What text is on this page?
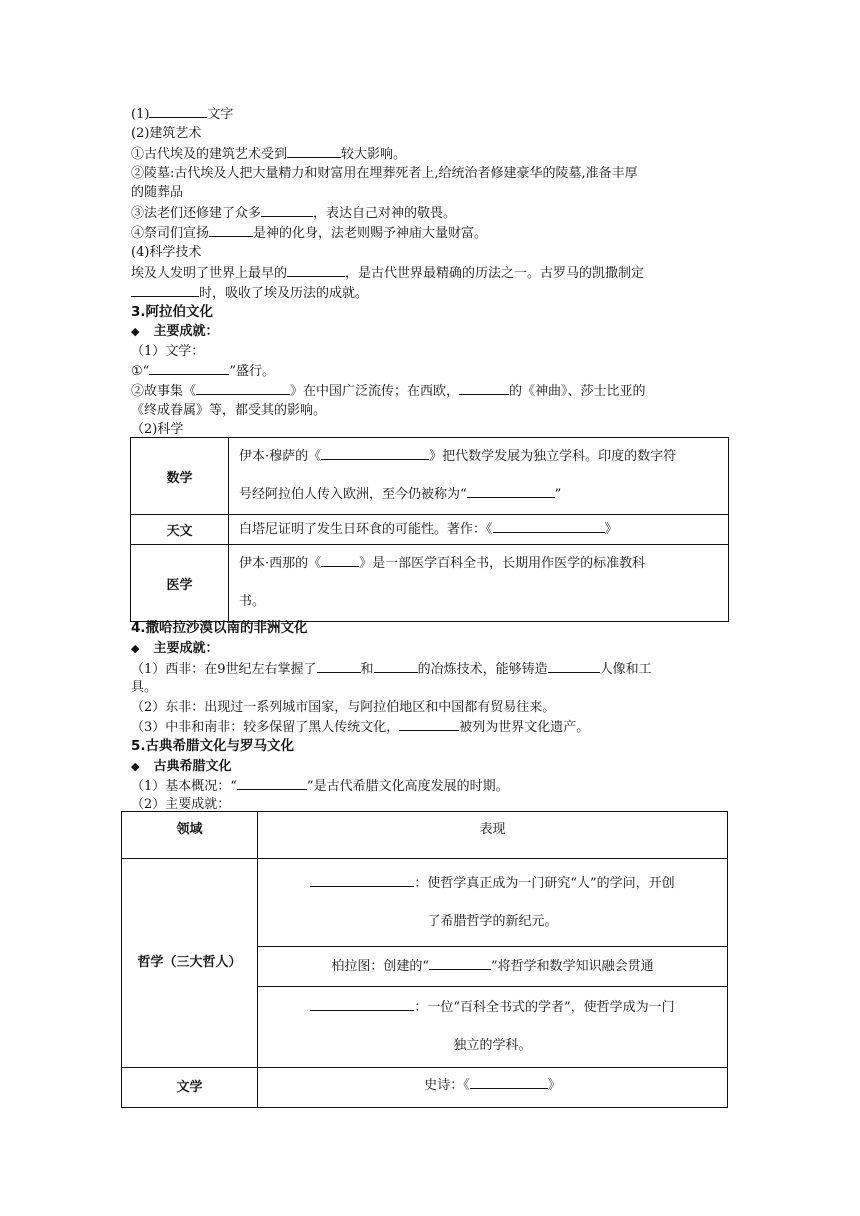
(1)	文字
(2)建筑艺术
①古代埃及的建筑艺术受到	较大影响。
②陵墓:古代埃及人把大量精力和财富用在埋葬死者上,给统治者修建豪华的陵墓,准备丰厚
的随葬品
③法老们还修建了众多	，表达自己对神的敬畏。
④祭司们宣扬	是神的化身，法老则赐予神庙大量财富。
(4)科学技术
埃及人发明了世界上最早的	，是古代世界最精确的历法之一。古罗马的凯撒制定
时，吸收了埃及历法的成就。
3.阿拉伯文化
◆ 主要成就：
（1）文学：
①“	”盛行。
②故事集《	》在中国广泛流传；在西欧，	的《神曲》、莎士比亚的
《终成眷属》等，都受其的影响。
（2)科学
数学	伊本·穆萨的《 》把代数学发展为独立学科。印度的数字符
号经阿拉伯人传入欧洲，至今仍被称为“ ”

天文	白塔尼证明了发生日环食的可能性。著作：《 》
医学	伊本·西那的《 》是一部医学百科全书，长期用作医学的标准教科
书。
4.撒哈拉沙漠以南的非洲文化
◆ 主要成就：
（1）西非：在9世纪左右掌握了	和	的冶炼技术，能够铸造	人像和工
具。
（2）东非：出现过一系列城市国家，与阿拉伯地区和中国都有贸易往来。
（3）中非和南非：较多保留了黑人传统文化，	被列为世界文化遗产。
5.古典希腊文化与罗马文化
◆ 古典希腊文化
（1）基本概况：“	”是古代希腊文化高度发展的时期。
（2）主要成就：
领域	表现
哲学（三大哲人）	：使哲学真正成为一门研究“人”的学问，开创
了希腊哲学的新纪元。

	柏拉图：创建的“ ”将哲学和数学知识融会贯通

	：一位“百科全书式的学者”，使哲学成为一门
独立的学科。

文学	史诗：《 》
